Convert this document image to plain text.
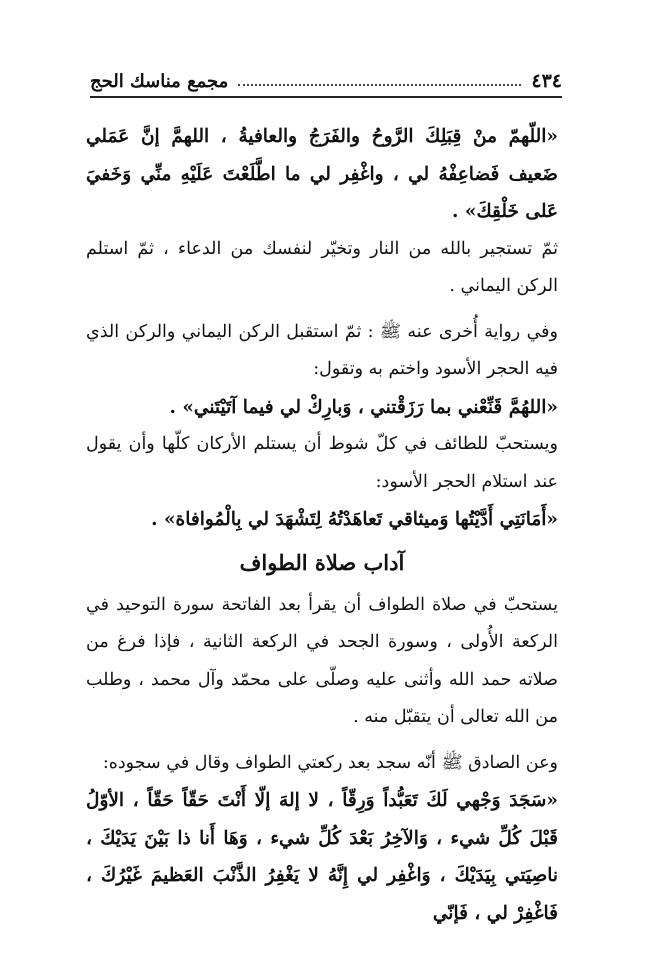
٤٣٤
مجمع مناسك الحج

«اللّهمّ منْ قِبَلِكَ الرَّوحُ والفَرَجُ والعافيةُ ، اللهمَّ إنَّ عَمَلي ضَعيف فَضاعِفْهُ لي ، واغْفِر لي ما اطَّلَعْتَ عَلَيْهِ منِّي وَخَفيَ عَلى خَلْقِكَ» .

ثمّ تستجير بالله من النار وتخيّر لنفسك من الدعاء ، ثمّ استلم الركن اليماني .

وفي رواية أُخرى عنه ﷺ : ثمّ استقبل الركن اليماني والركن الذي فيه الحجر الأسود واختم به وتقول:

«اللهُمَّ قَنِّعْني بما رَزَقْتني ، وَبارِكْ لي فيما آتَيْتَني» .

ويستحبّ للطائف في كلّ شوط أن يستلم الأركان كلّها وأن يقول عند استلام الحجر الأسود:

«أَمَانَتِي أَدَّيْتُها وَميثاقي تَعاهَدْتُهُ لِتَشْهَدَ لي بِالْمُوافاة» .

آداب صلاة الطواف

يستحبّ في صلاة الطواف أن يقرأ بعد الفاتحة سورة التوحيد في الركعة الأُولى ، وسورة الجحد في الركعة الثانية ، فإذا فرغ من صلاته حمد الله وأثنى عليه وصلّى على محمّد وآل محمد ، وطلب من الله تعالى أن يتقبّل منه .

وعن الصادق ﷺ أنّه سجد بعد ركعتي الطواف وقال في سجوده:

«سَجَدَ وَجْهي لَكَ تَعَبُّداً وَرِقّاً ، لا إلهَ إلّا أَنْتَ حَقّاً حَقّاً ، الأوّلُ قَبْلَ كُلِّ شيء ، وَالآخِرُ بَعْدَ كُلِّ شيء ، وَهَا أَنا ذا بَيْنَ يَدَيْكَ ، ناصِيَتي بِيَدَيْكَ ، وَاغْفِر لي إِنَّهُ لا يَغْفِرُ الذَّنْبَ العَظيمَ غَيْرُكَ ، فَاغْفِرْ لي ، فَإنّي
